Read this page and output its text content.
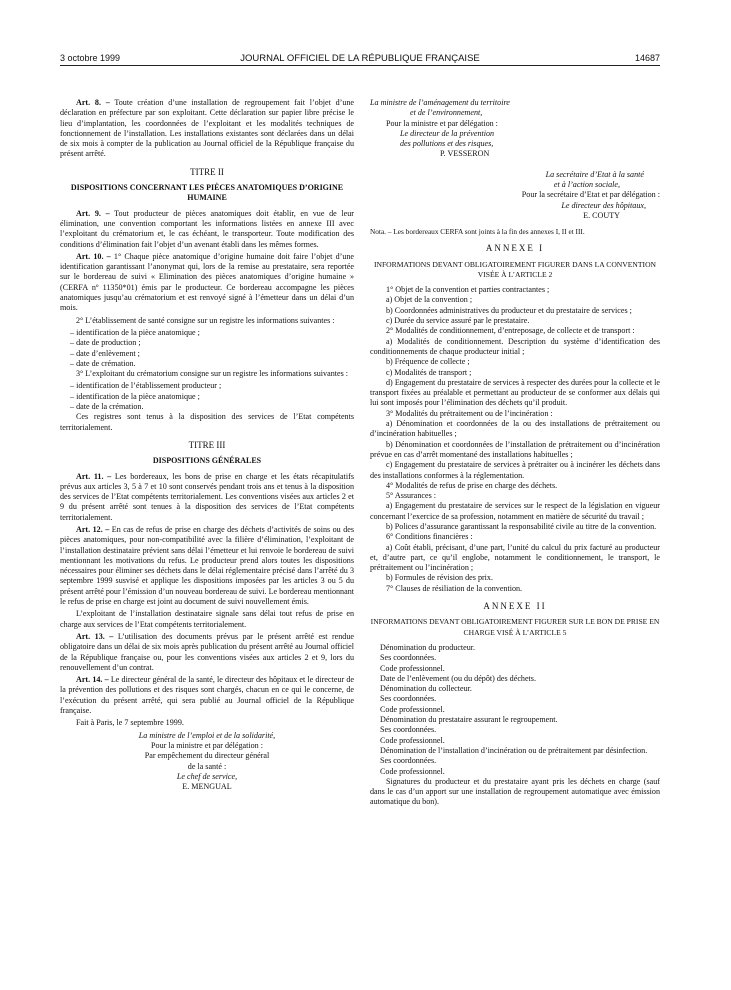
3 octobre 1999	JOURNAL OFFICIEL DE LA RÉPUBLIQUE FRANÇAISE	14687

Art. 8. – Toute création d’une installation de regroupement fait l’objet d’une déclaration en préfecture par son exploitant. Cette déclaration sur papier libre précise le lieu d’implantation, les coordonnées de l’exploitant et les modalités techniques de fonctionnement de l’installation. Les installations existantes sont déclarées dans un délai de six mois à compter de la publication au Journal officiel de la République française du présent arrêté.

TITRE II
DISPOSITIONS CONCERNANT LES PIÈCES ANATOMIQUES D’ORIGINE HUMAINE

Art. 9. – Tout producteur de pièces anatomiques doit établir, en vue de leur élimination, une convention comportant les informations listées en annexe III avec l’exploitant du crématorium et, le cas échéant, le transporteur. Toute modification des conditions d’élimination fait l’objet d’un avenant établi dans les mêmes formes.

Art. 10. – 1° Chaque pièce anatomique d’origine humaine doit faire l’objet d’une identification garantissant l’anonymat qui, lors de la remise au prestataire, sera reportée sur le bordereau de suivi « Elimination des pièces anatomiques d’origine humaine » (CERFA nº 11350*01) émis par le producteur. Ce bordereau accompagne les pièces anatomiques jusqu’au crématorium et est renvoyé signé à l’émetteur dans un délai d’un mois.

2° L’établissement de santé consigne sur un registre les informations suivantes :

– identification de la pièce anatomique ;

– date de production ;

– date d’enlèvement ;

– date de crémation.

3° L’exploitant du crématorium consigne sur un registre les informations suivantes :

– identification de l’établissement producteur ;

– identification de la pièce anatomique ;

– date de la crémation.

Ces registres sont tenus à la disposition des services de l’Etat compétents territorialement.

TITRE III
DISPOSITIONS GÉNÉRALES

Art. 11. – Les bordereaux, les bons de prise en charge et les états récapitulatifs prévus aux articles 3, 5 à 7 et 10 sont conservés pendant trois ans et tenus à la disposition des services de l’Etat compétents territorialement. Les conventions visées aux articles 2 et 9 du présent arrêté sont tenues à la disposition des services de l’Etat compétents territorialement.

Art. 12. – En cas de refus de prise en charge des déchets d’activités de soins ou des pièces anatomiques, pour non-compatibilité avec la filière d’élimination, l’exploitant de l’installation destinataire prévient sans délai l’émetteur et lui renvoie le bordereau de suivi mentionnant les motivations du refus. Le producteur prend alors toutes les dispositions nécessaires pour éliminer ses déchets dans le délai réglementaire précisé dans l’arrêté du 3 septembre 1999 susvisé et applique les dispositions imposées par les articles 3 ou 5 du présent arrêté pour l’émission d’un nouveau bordereau de suivi. Le bordereau mentionnant le refus de prise en charge est joint au document de suivi nouvellement émis.

L’exploitant de l’installation destinataire signale sans délai tout refus de prise en charge aux services de l’Etat compétents territorialement.

Art. 13. – L’utilisation des documents prévus par le présent arrêté est rendue obligatoire dans un délai de six mois après publication du présent arrêté au Journal officiel de la République française ou, pour les conventions visées aux articles 2 et 9, lors du renouvellement d’un contrat.

Art. 14. – Le directeur général de la santé, le directeur des hôpitaux et le directeur de la prévention des pollutions et des risques sont chargés, chacun en ce qui le concerne, de l’exécution du présent arrêté, qui sera publié au Journal officiel de la République française.

Fait à Paris, le 7 septembre 1999.

La ministre de l’emploi et de la solidarité,

Pour la ministre et par délégation :

Par empêchement du directeur général

de la santé :

Le chef de service,

E. MENGUAL

La ministre de l’aménagement du territoire

et de l’environnement,

Pour la ministre et par délégation :

Le directeur de la prévention

des pollutions et des risques,

P. VESSERON

La secrétaire d’Etat à la santé

et à l’action sociale,

Pour la secrétaire d’Etat et par délégation :

Le directeur des hôpitaux,

E. COUTY

Nota. – Les bordereaux CERFA sont joints à la fin des annexes I, II et III.

ANNEXE I
INFORMATIONS DEVANT OBLIGATOIREMENT FIGURER DANS LA CONVENTION VISÉE À L’ARTICLE 2

1° Objet de la convention et parties contractantes ;

a) Objet de la convention ;

b) Coordonnées administratives du producteur et du prestataire de services ;

c) Durée du service assuré par le prestataire.

2° Modalités de conditionnement, d’entreposage, de collecte et de transport :

a) Modalités de conditionnement. Description du système d’identification des conditionnements de chaque producteur initial ;

b) Fréquence de collecte ;

c) Modalités de transport ;

d) Engagement du prestataire de services à respecter des durées pour la collecte et le transport fixées au préalable et permettant au producteur de se conformer aux délais qui lui sont imposés pour l’élimination des déchets qu’il produit.

3° Modalités du prétraitement ou de l’incinération :

a) Dénomination et coordonnées de la ou des installations de prétraitement ou d’incinération habituelles ;

b) Dénomination et coordonnées de l’installation de prétraitement ou d’incinération prévue en cas d’arrêt momentané des installations habituelles ;

c) Engagement du prestataire de services à prétraiter ou à incinérer les déchets dans des installations conformes à la réglementation.

4° Modalités de refus de prise en charge des déchets.

5° Assurances :

a) Engagement du prestataire de services sur le respect de la législation en vigueur concernant l’exercice de sa profession, notamment en matière de sécurité du travail ;

b) Polices d’assurance garantissant la responsabilité civile au titre de la convention.

6° Conditions financières :

a) Coût établi, précisant, d’une part, l’unité du calcul du prix facturé au producteur et, d’autre part, ce qu’il englobe, notamment le conditionnement, le transport, le prétraitement ou l’incinération ;

b) Formules de révision des prix.

7° Clauses de résiliation de la convention.

ANNEXE II
INFORMATIONS DEVANT OBLIGATOIREMENT FIGURER SUR LE BON DE PRISE EN CHARGE VISÉ À L’ARTICLE 5

Dénomination du producteur.

Ses coordonnées.

Code professionnel.

Date de l’enlèvement (ou du dépôt) des déchets.

Dénomination du collecteur.

Ses coordonnées.

Code professionnel.

Dénomination du prestataire assurant le regroupement.

Ses coordonnées.

Code professionnel.

Dénomination de l’installation d’incinération ou de prétraitement par désinfection.

Ses coordonnées.

Code professionnel.

Signatures du producteur et du prestataire ayant pris les déchets en charge (sauf dans le cas d’un apport sur une installation de regroupement automatique avec émission automatique du bon).
